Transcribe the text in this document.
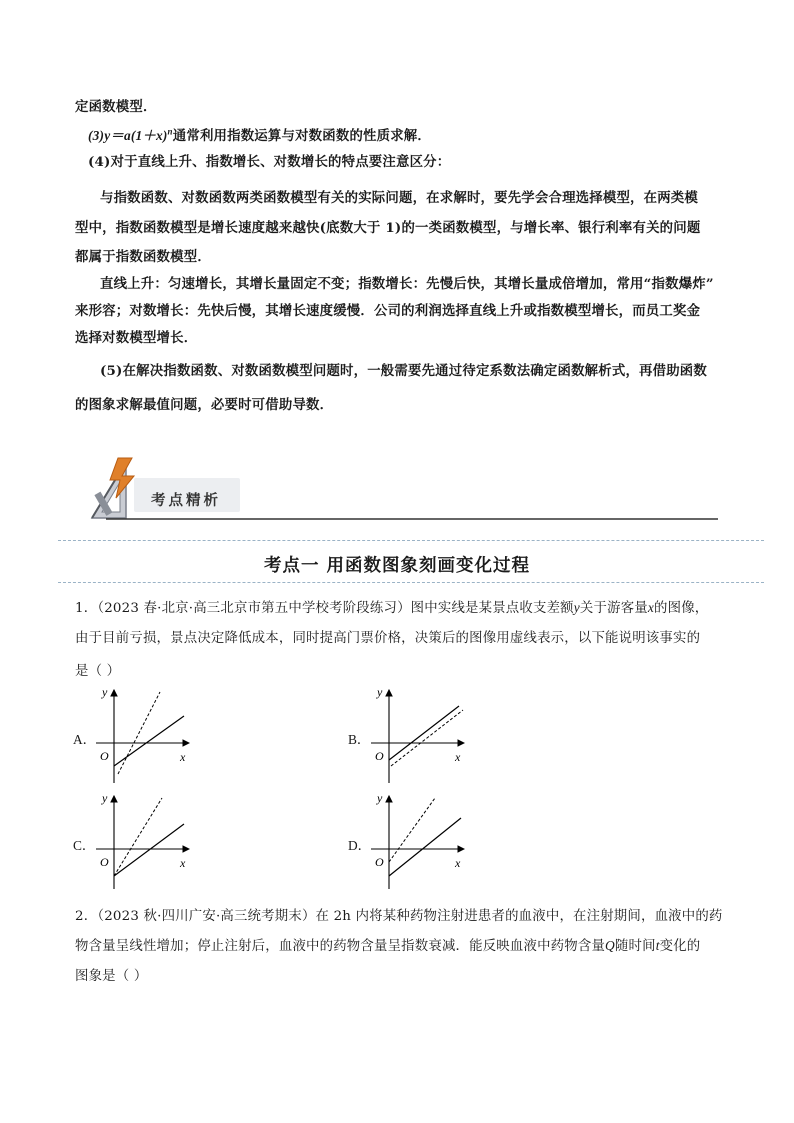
定函数模型．
$(3)y=a(1+x)^n$通常利用指数运算与对数函数的性质求解．
(4)对于直线上升、指数增长、对数增长的特点要注意区分：
与指数函数、对数函数两类函数模型有关的实际问题，在求解时，要先学会合理选择模型，在两类模
型中，指数函数模型是增长速度越来越快(底数大于 1)的一类函数模型，与增长率、银行利率有关的问题
都属于指数函数模型．
直线上升：匀速增长，其增长量固定不变；指数增长：先慢后快，其增长量成倍增加，常用“指数爆炸”
来形容；对数增长：先快后慢，其增长速度缓慢．公司的利润选择直线上升或指数模型增长，而员工奖金
选择对数模型增长．
(5)在解决指数函数、对数函数模型问题时，一般需要先通过待定系数法确定函数解析式，再借助函数
的图象求解最值问题，必要时可借助导数．
考点精析
考点一 用函数图象刻画变化过程
1．（2023 春·北京·高三北京市第五中学校考阶段练习）图中实线是某景点收支差额y关于游客量x的图像，
由于目前亏损，景点决定降低成本，同时提高门票价格，决策后的图像用虚线表示，以下能说明该事实的
是（ ）
A．	B．
C．	D．
y
x
O
y
x
O
y
x
O
y
x
O
2．（2023 秋·四川广安·高三统考期末）在 2h 内将某种药物注射进患者的血液中，在注射期间，血液中的药
物含量呈线性增加；停止注射后，血液中的药物含量呈指数衰减．能反映血液中药物含量Q随时间t变化的
图象是（ ）
